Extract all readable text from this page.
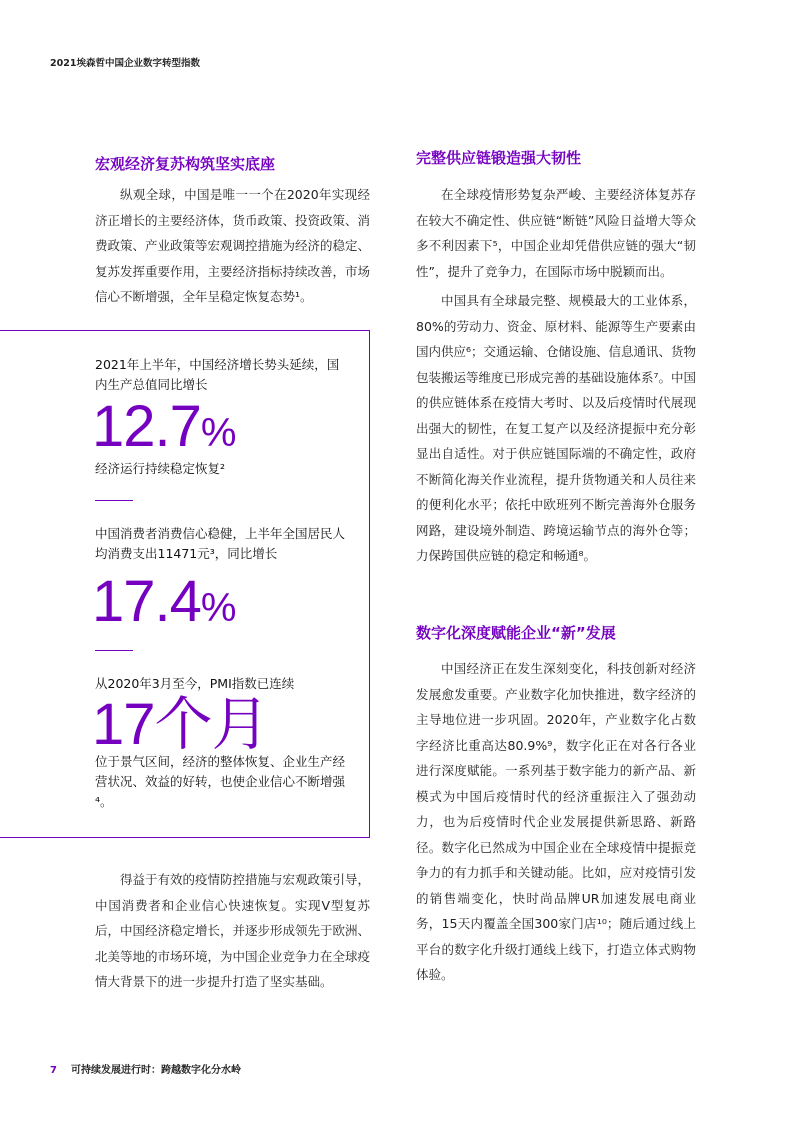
2021埃森哲中国企业数字转型指数
宏观经济复苏构筑坚实底座

纵观全球，中国是唯一一个在2020年实现经济正增长的主要经济体，货币政策、投资政策、消费政策、产业政策等宏观调控措施为经济的稳定、复苏发挥重要作用，主要经济指标持续改善，市场信心不断增强，全年呈稳定恢复态势¹。

2021年上半年，中国经济增长势头延续，国内生产总值同比增长

12.7%

经济运行持续稳定恢复²

中国消费者消费信心稳健，上半年全国居民人均消费支出11471元³，同比增长

17.4%

从2020年3月至今，PMI指数已连续

17个月

位于景气区间，经济的整体恢复、企业生产经营状况、效益的好转，也使企业信心不断增强⁴。

得益于有效的疫情防控措施与宏观政策引导，中国消费者和企业信心快速恢复。实现V型复苏后，中国经济稳定增长，并逐步形成领先于欧洲、北美等地的市场环境，为中国企业竞争力在全球疫情大背景下的进一步提升打造了坚实基础。

完整供应链锻造强大韧性

在全球疫情形势复杂严峻、主要经济体复苏存在较大不确定性、供应链“断链”风险日益增大等众多不利因素下⁵，中国企业却凭借供应链的强大“韧性”，提升了竞争力，在国际市场中脱颖而出。

中国具有全球最完整、规模最大的工业体系，80%的劳动力、资金、原材料、能源等生产要素由国内供应⁶；交通运输、仓储设施、信息通讯、货物包装搬运等维度已形成完善的基础设施体系⁷。中国的供应链体系在疫情大考时、以及后疫情时代展现出强大的韧性，在复工复产以及经济提振中充分彰显出自适性。对于供应链国际端的不确定性，政府不断简化海关作业流程，提升货物通关和人员往来的便利化水平；依托中欧班列不断完善海外仓服务网路，建设境外制造、跨境运输节点的海外仓等；力保跨国供应链的稳定和畅通⁸。

数字化深度赋能企业“新”发展

中国经济正在发生深刻变化，科技创新对经济发展愈发重要。产业数字化加快推进，数字经济的主导地位进一步巩固。2020年，产业数字化占数字经济比重高达80.9%⁹，数字化正在对各行各业进行深度赋能。一系列基于数字能力的新产品、新模式为中国后疫情时代的经济重振注入了强劲动力，也为后疫情时代企业发展提供新思路、新路径。数字化已然成为中国企业在全球疫情中提振竞争力的有力抓手和关键动能。比如，应对疫情引发的销售端变化，快时尚品牌UR加速发展电商业务，15天内覆盖全国300家门店¹⁰；随后通过线上平台的数字化升级打通线上线下，打造立体式购物体验。

7 可持续发展进行时：跨越数字化分水岭
